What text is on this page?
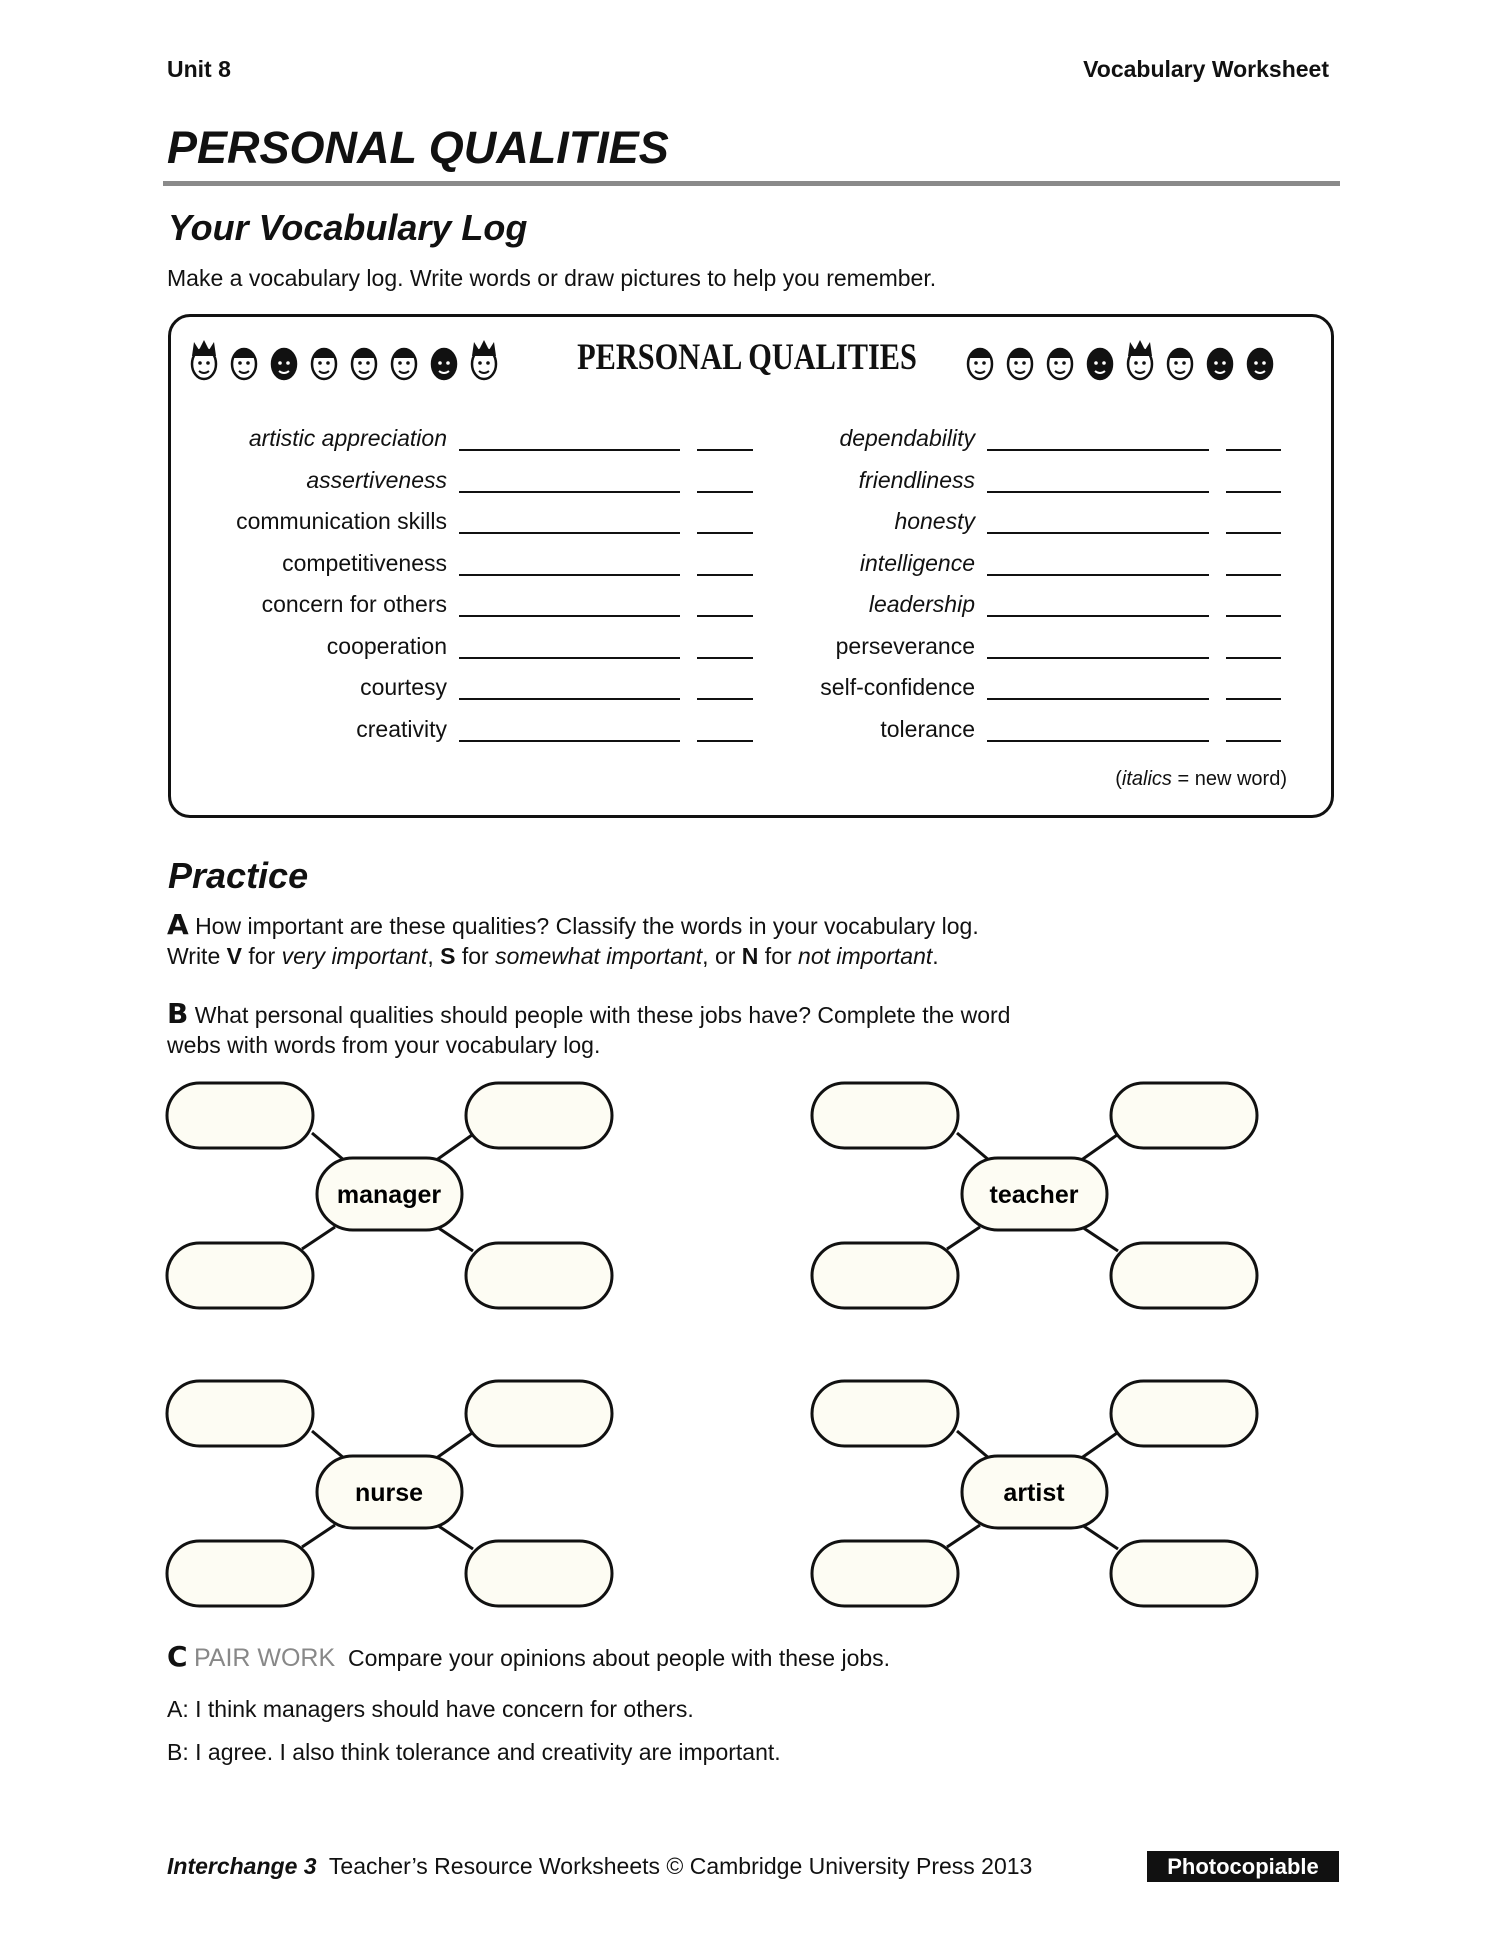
Unit 8	Vocabulary Worksheet
PERSONAL QUALITIES
Your Vocabulary Log
Make a vocabulary log. Write words or draw pictures to help you remember.
PERSONAL QUALITIES
artistic appreciation
assertiveness
communication skills
competitiveness
concern for others
cooperation
courtesy
creativity
dependability
friendliness
honesty
intelligence
leadership
perseverance
self-confidence
tolerance
(italics = new word)
Practice
A How important are these qualities? Classify the words in your vocabulary log.
Write V for very important, S for somewhat important, or N for not important.
B What personal qualities should people with these jobs have? Complete the word
webs with words from your vocabulary log.
manager	teacher
nurse	artist
C PAIR WORK Compare your opinions about people with these jobs.
A: I think managers should have concern for others.
B: I agree. I also think tolerance and creativity are important.
Interchange 3 Teacher’s Resource Worksheets © Cambridge University Press 2013	Photocopiable
